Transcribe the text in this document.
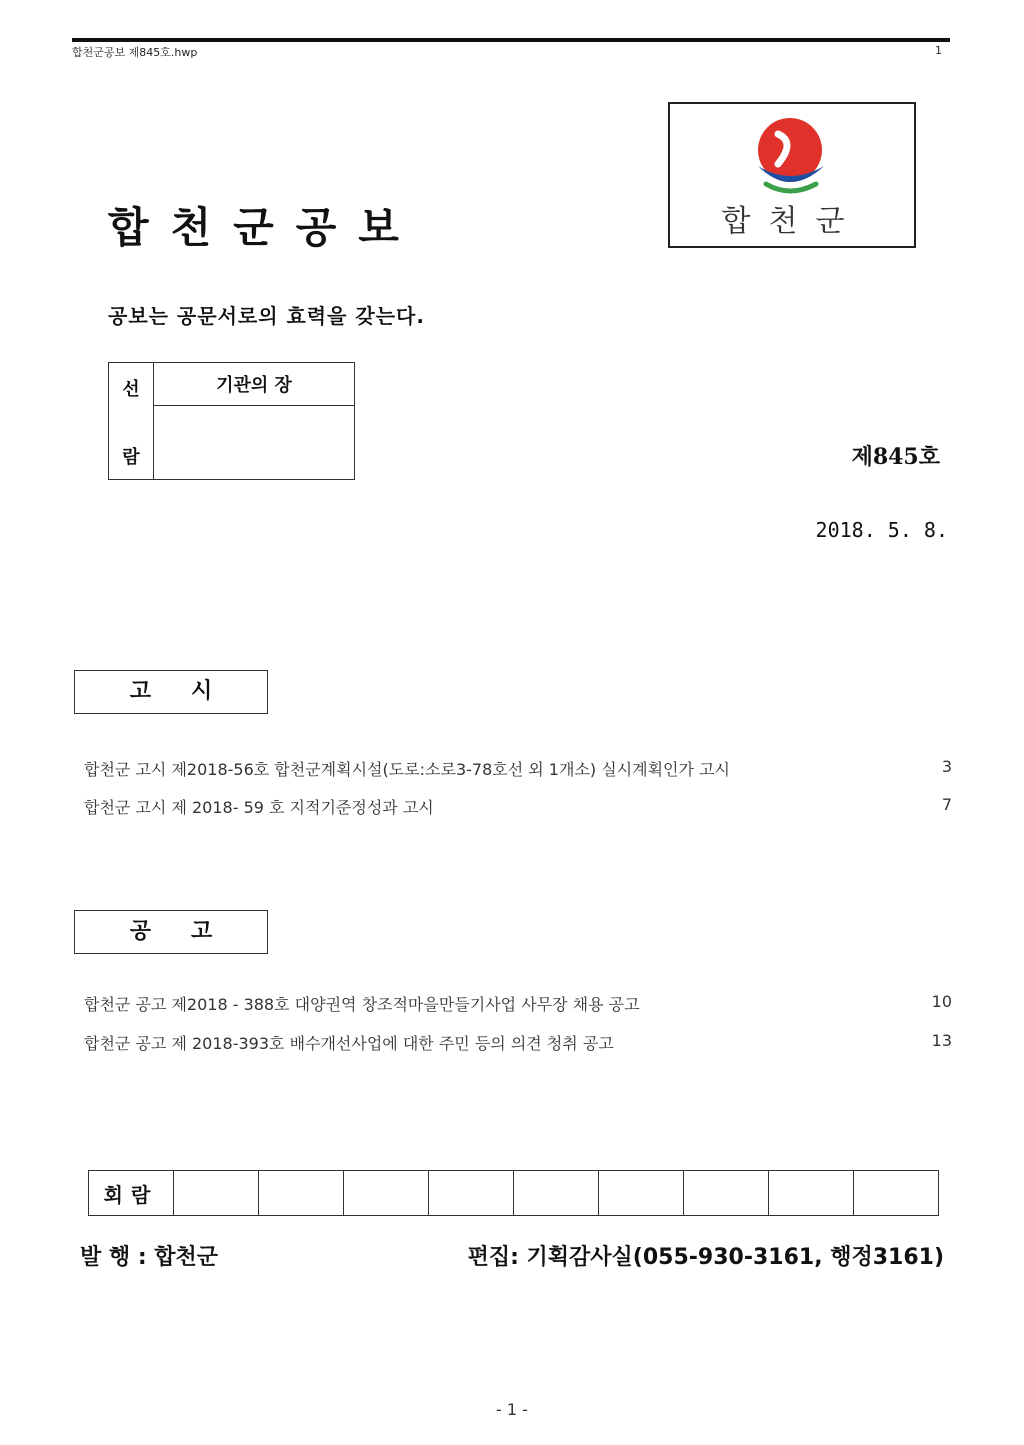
합천군공보 제845호.hwp	1
합천군공보	합천군
공보는 공문서로의 효력을 갖는다.
선
람
	기관의 장

제845호
2018. 5. 8.
고시
합천군 고시 제2018-56호 합천군계획시설(도로:소로3-78호선 외 1개소) 실시계획인가 고시	3
합천군 고시 제 2018- 59 호 지적기준정성과 고시	7
공고
합천군 공고 제2018 - 388호 대양권역 창조적마을만들기사업 사무장 채용 공고	10
합천군 공고 제 2018-393호 배수개선사업에 대한 주민 등의 의견 청취 공고	13
회람									
발 행 : 합천군	편집: 기획감사실(055-930-3161, 행정3161)
- 1 -
